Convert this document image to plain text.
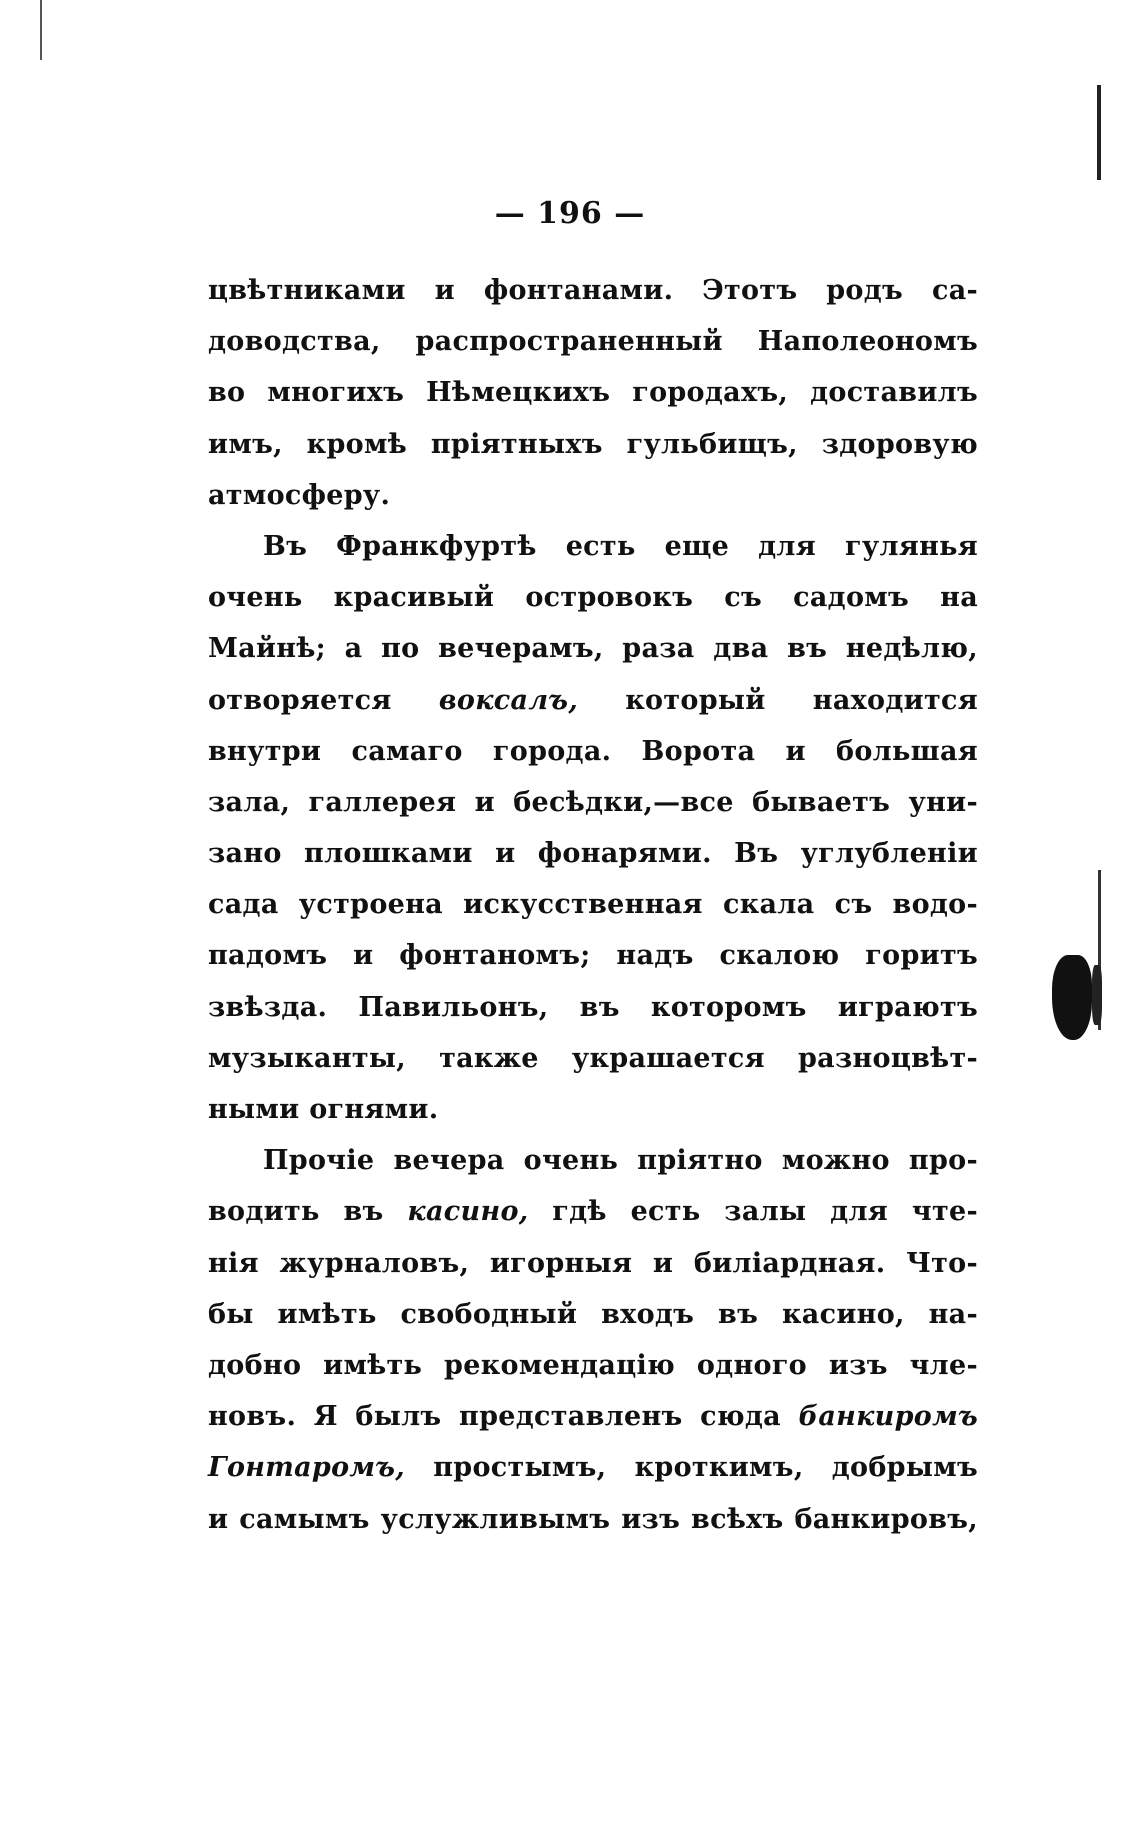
— 196 —
цвѣтниками и фонтанами. Этотъ родъ са-
доводства, распространенный Наполеономъ
во многихъ Нѣмецкихъ городахъ, доставилъ
имъ, кромѣ пріятныхъ гульбищъ, здоровую
атмосферу.
Въ Франкфуртѣ есть еще для гулянья
очень красивый островокъ съ садомъ на
Майнѣ; а по вечерамъ, раза два въ недѣлю,
отворяется воксалъ, который находится
внутри самаго города. Ворота и большая
зала, галлерея и бесѣдки,—все бываетъ уни-
зано плошками и фонарями. Въ углубленіи
сада устроена искусственная скала съ водо-
падомъ и фонтаномъ; надъ скалою горитъ
звѣзда. Павильонъ, въ которомъ играютъ
музыканты, также украшается разноцвѣт-
ными огнями.
Прочіе вечера очень пріятно можно про-
водить въ касино, гдѣ есть залы для чте-
нія журналовъ, игорныя и биліардная. Что-
бы имѣть свободный входъ въ касино, на-
добно имѣть рекомендацію одного изъ чле-
новъ. Я былъ представленъ сюда банкиромъ
Гонтаромъ, простымъ, кроткимъ, добрымъ
и самымъ услужливымъ изъ всѣхъ банкировъ,
